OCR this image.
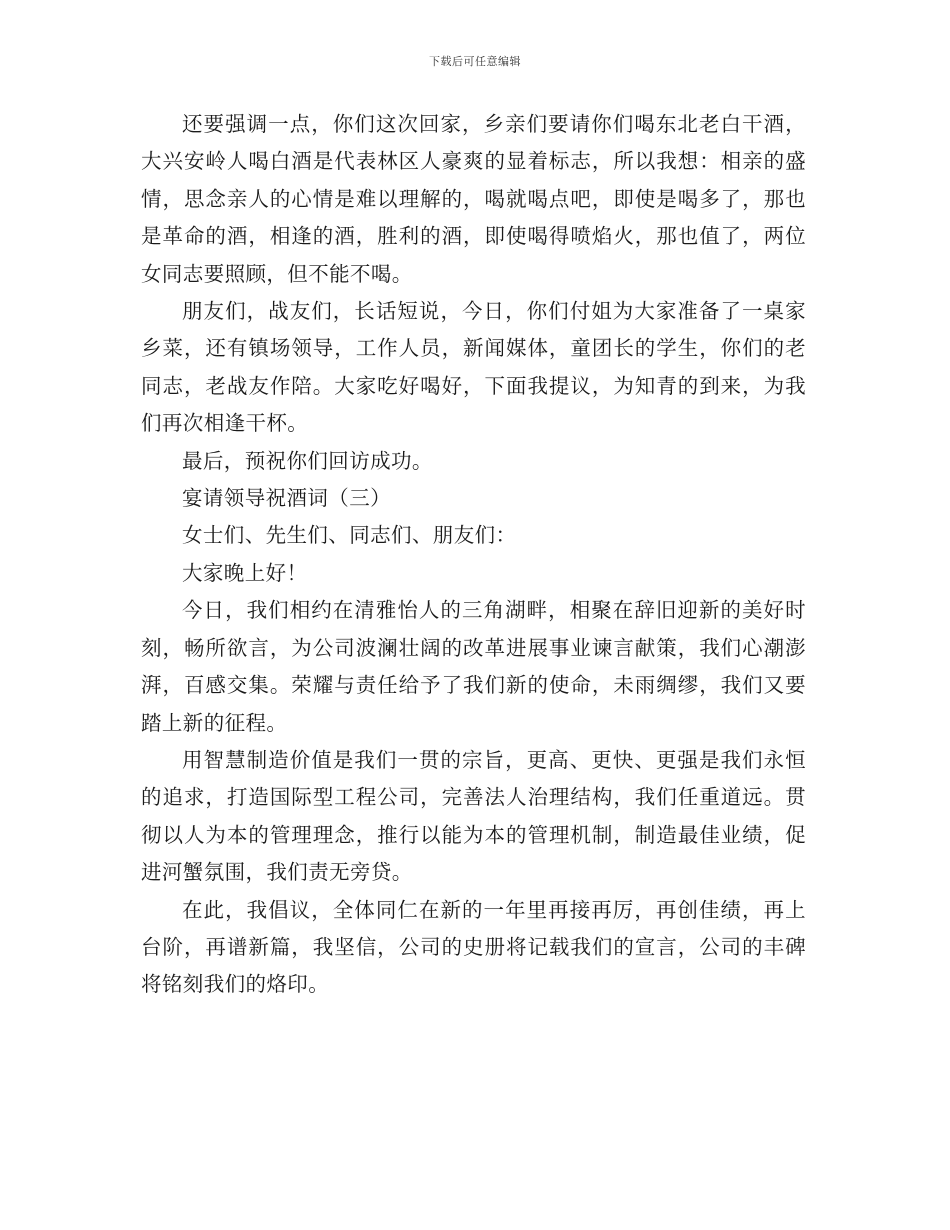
下载后可任意编辑

还要强调一点，你们这次回家，乡亲们要请你们喝东北老白干酒，大兴安岭人喝白酒是代表林区人豪爽的显着标志，所以我想：相亲的盛情，思念亲人的心情是难以理解的，喝就喝点吧，即使是喝多了，那也是革命的酒，相逢的酒，胜利的酒，即使喝得喷焰火，那也值了，两位女同志要照顾，但不能不喝。

朋友们，战友们，长话短说，今日，你们付姐为大家准备了一桌家乡菜，还有镇场领导，工作人员，新闻媒体，童团长的学生，你们的老同志，老战友作陪。大家吃好喝好，下面我提议，为知青的到来，为我们再次相逢干杯。

最后，预祝你们回访成功。

宴请领导祝酒词（三）

女士们、先生们、同志们、朋友们：

大家晚上好！

今日，我们相约在清雅怡人的三角湖畔，相聚在辞旧迎新的美好时刻，畅所欲言，为公司波澜壮阔的改革进展事业谏言献策，我们心潮澎湃，百感交集。荣耀与责任给予了我们新的使命，未雨绸缪，我们又要踏上新的征程。

用智慧制造价值是我们一贯的宗旨，更高、更快、更强是我们永恒的追求，打造国际型工程公司，完善法人治理结构，我们任重道远。贯彻以人为本的管理理念，推行以能为本的管理机制，制造最佳业绩，促进河蟹氛围，我们责无旁贷。

在此，我倡议，全体同仁在新的一年里再接再厉，再创佳绩，再上台阶，再谱新篇，我坚信，公司的史册将记载我们的宣言，公司的丰碑将铭刻我们的烙印。
